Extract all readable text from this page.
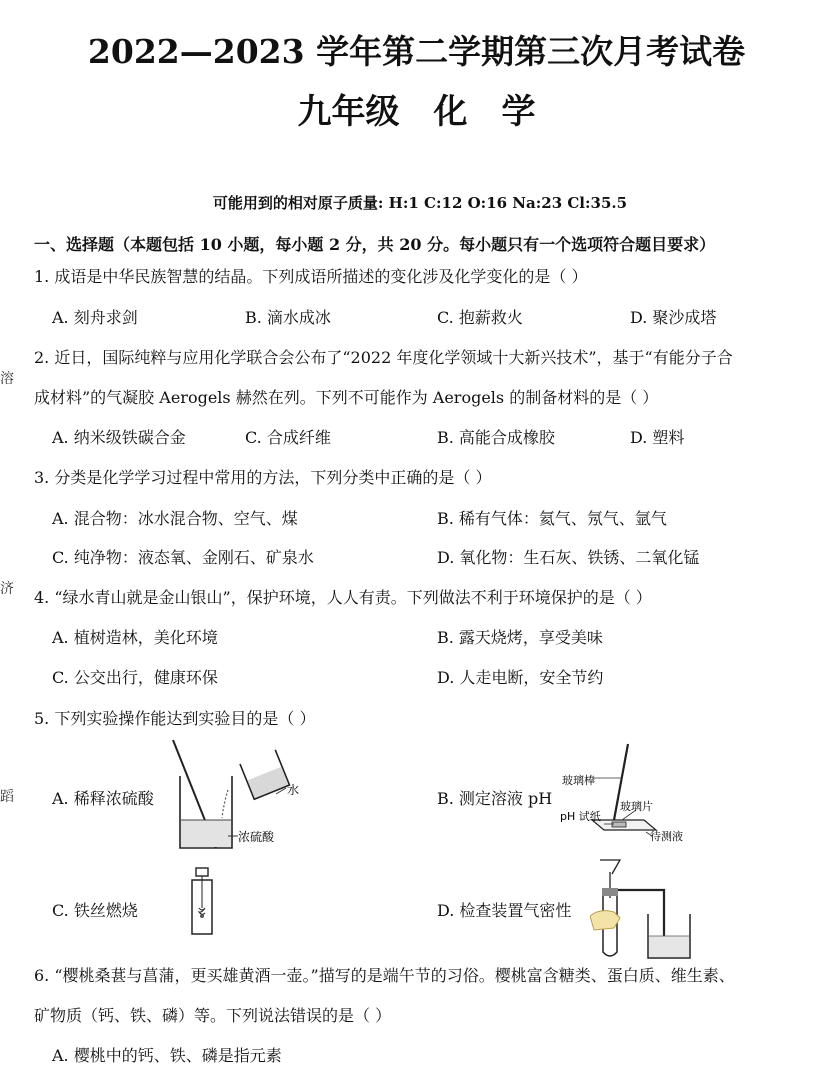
2022—2023 学年第二学期第三次月考试卷
九年级　化　学
可能用到的相对原子质量: H:1 C:12 O:16 Na:23 Cl:35.5
一、选择题（本题包括 10 小题，每小题 2 分，共 20 分。每小题只有一个选项符合题目要求）
溶
济
蹈
1. 成语是中华民族智慧的结晶。下列成语所描述的变化涉及化学变化的是（ ）
A. 刻舟求剑	B. 滴水成冰	C. 抱薪救火	D. 聚沙成塔
2. 近日，国际纯粹与应用化学联合会公布了“2022 年度化学领域十大新兴技术”，基于“有能分子合
成材料”的气凝胶 Aerogels 赫然在列。下列不可能作为 Aerogels 的制备材料的是（ ）
A. 纳米级铁碳合金	C. 合成纤维	B. 高能合成橡胶	D. 塑料
3. 分类是化学学习过程中常用的方法，下列分类中正确的是（ ）
A. 混合物：冰水混合物、空气、煤	B. 稀有气体：氦气、氖气、氩气
C. 纯净物：液态氧、金刚石、矿泉水	D. 氧化物：生石灰、铁锈、二氧化锰
4. “绿水青山就是金山银山”，保护环境，人人有责。下列做法不利于环境保护的是（ ）
A. 植树造林，美化环境	B. 露天烧烤，享受美味
C. 公交出行，健康环保	D. 人走电断，安全节约
5. 下列实验操作能达到实验目的是（ ）
A. 稀释浓硫酸	B. 测定溶液 pH
C. 铁丝燃烧	D. 检查装置气密性
水
浓硫酸
玻璃棒
玻璃片
pH 试纸
待测液
6. “樱桃桑葚与菖蒲，更买雄黄酒一壶。”描写的是端午节的习俗。樱桃富含糖类、蛋白质、维生素、
矿物质（钙、铁、磷）等。下列说法错误的是（ ）
A. 樱桃中的钙、铁、磷是指元素
